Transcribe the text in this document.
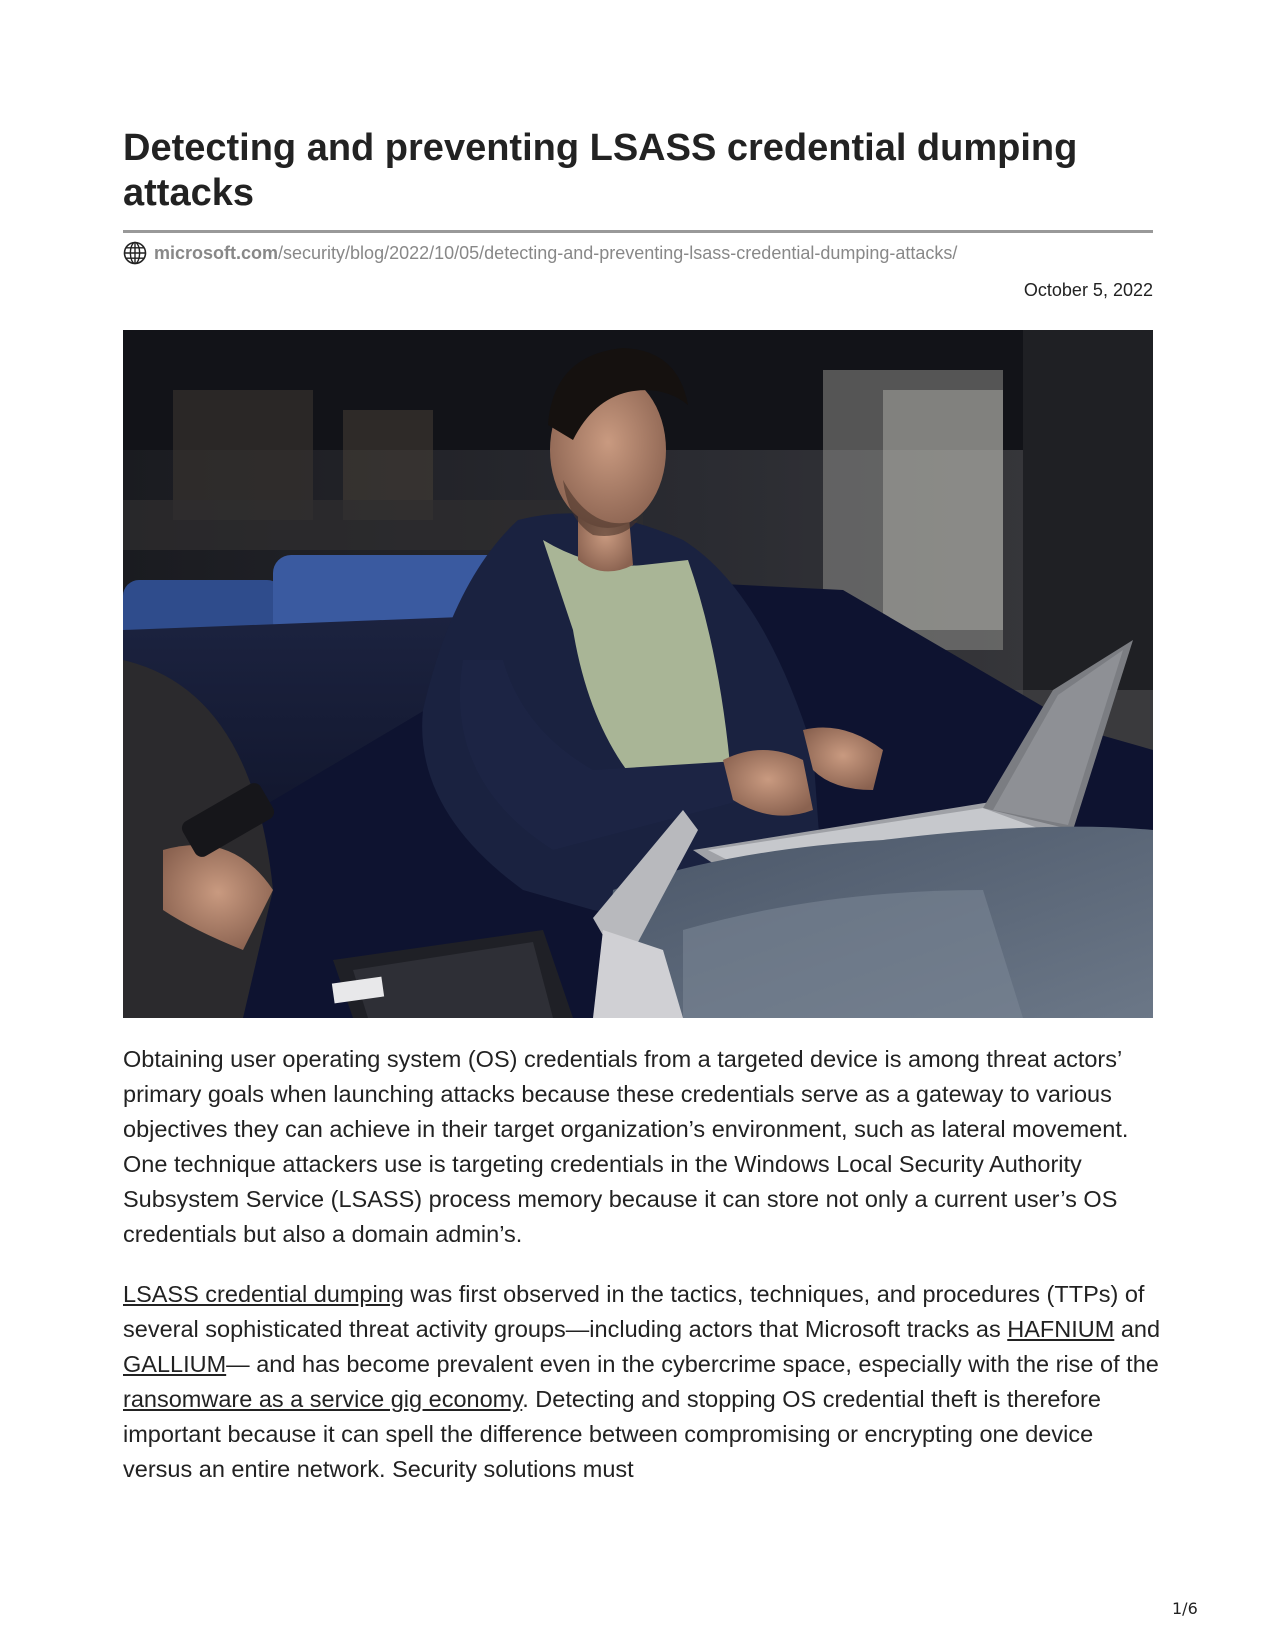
Detecting and preventing LSASS credential dumping attacks
microsoft.com /security/blog/2022/10/05/detecting-and-preventing-lsass-credential-dumping-attacks/
October 5, 2022

Obtaining user operating system (OS) credentials from a targeted device is among threat actors’ primary goals when launching attacks because these credentials serve as a gateway to various objectives they can achieve in their target organization’s environment, such as lateral movement. One technique attackers use is targeting credentials in the Windows Local Security Authority Subsystem Service (LSASS) process memory because it can store not only a current user’s OS credentials but also a domain admin’s.

LSASS credential dumping was first observed in the tactics, techniques, and procedures (TTPs) of several sophisticated threat activity groups—including actors that Microsoft tracks as HAFNIUM and GALLIUM— and has become prevalent even in the cybercrime space, especially with the rise of the ransomware as a service gig economy. Detecting and stopping OS credential theft is therefore important because it can spell the difference between compromising or encrypting one device versus an entire network. Security solutions must

1/6
